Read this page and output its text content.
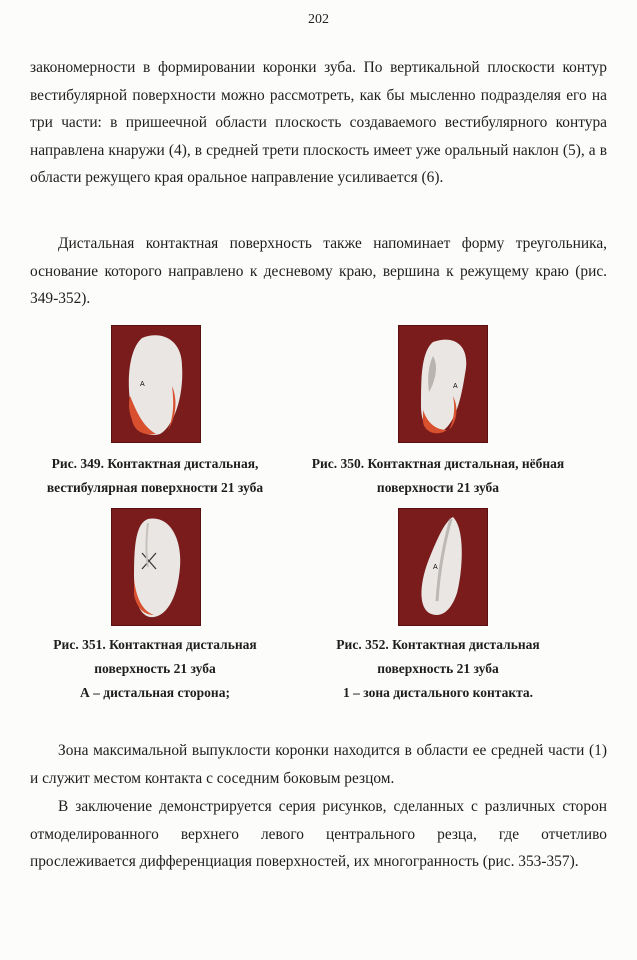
202

закономерности в формировании коронки зуба. По вертикальной плоскости контур вестибулярной поверхности можно рассмотреть, как бы мысленно подразделяя его на три части: в пришеечной области плоскость создаваемого вестибулярного контура направлена кнаружи (4), в средней трети плоскость имеет уже оральный наклон (5), а в области режущего края оральное направление усиливается (6).

Дистальная контактная поверхность также напоминает форму треугольника, основание которого направлено к десневому краю, вершина к режущему краю (рис. 349-352).

A	A
Рис. 349. Контактная дистальная, вестибулярная поверхности 21 зуба
Рис. 350. Контактная дистальная, нёбная поверхности 21 зуба
A
Рис. 351. Контактная дистальная поверхность 21 зуба
А – дистальная сторона;
Рис. 352. Контактная дистальная поверхность 21 зуба
1 – зона дистального контакта.

Зона максимальной выпуклости коронки находится в области ее средней части (1) и служит местом контакта с соседним боковым резцом.

В заключение демонстрируется серия рисунков, сделанных с различных сторон отмоделированного верхнего левого центрального резца, где отчетливо прослеживается дифференциация поверхностей, их многогранность (рис. 353-357).
